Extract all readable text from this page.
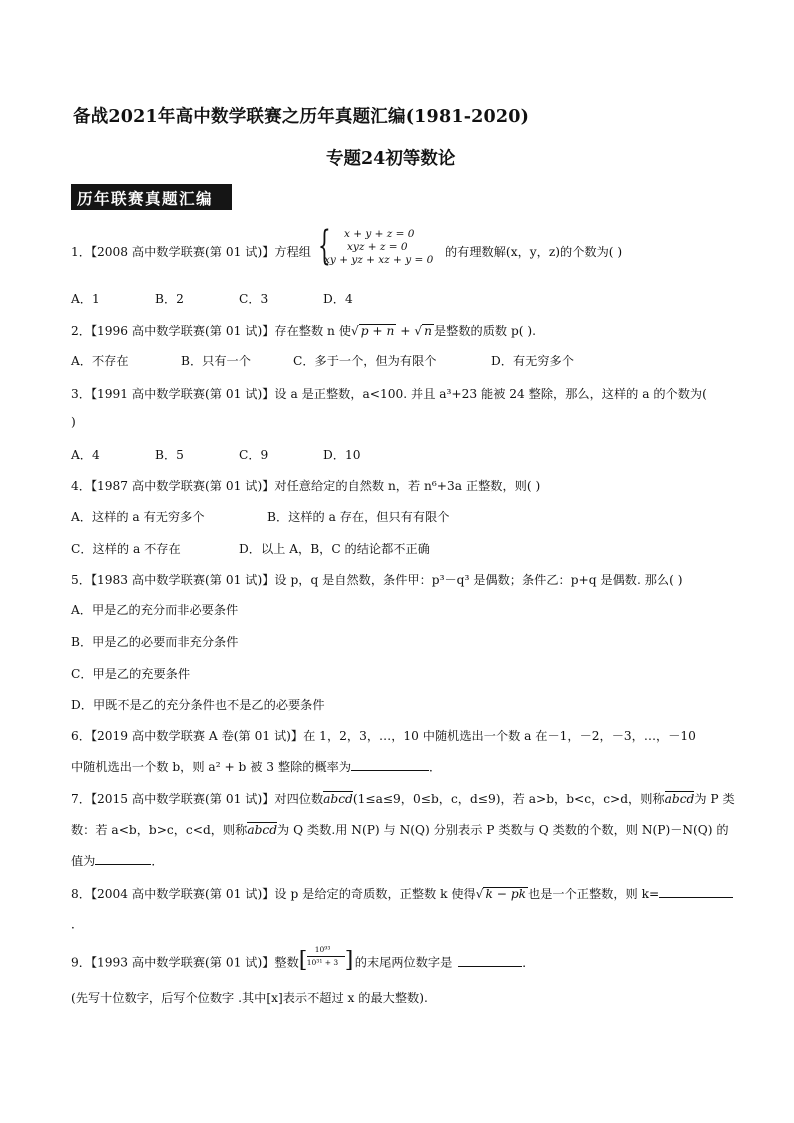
备战2021年高中数学联赛之历年真题汇编(1981-2020)
专题24初等数论
历年联赛真题汇编
1．【2008 高中数学联赛(第 01 试)】方程组 { x + y + z = 0
xyz + z = 0
xy + yz + xz + y = 0
的有理数解(x，y，z)的个数为( )
A．1	B．2	C．3	D．4
2．【1996 高中数学联赛(第 01 试)】存在整数 n 使√ p + n + √ n 是整数的质数 p( ).
A．不存在	B．只有一个	C．多于一个，但为有限个	D．有无穷多个
3．【1991 高中数学联赛(第 01 试)】设 a 是正整数，a<100. 并且 a³+23 能被 24 整除，那么，这样的 a 的个数为(
)
A．4	B．5	C．9	D．10
4．【1987 高中数学联赛(第 01 试)】对任意给定的自然数 n，若 n⁶+3a 正整数，则( )
A．这样的 a 有无穷多个	B．这样的 a 存在，但只有有限个
C．这样的 a 不存在	D．以上 A，B，C 的结论都不正确
5．【1983 高中数学联赛(第 01 试)】设 p，q 是自然数，条件甲：p³－q³ 是偶数；条件乙：p+q 是偶数. 那么( )
A．甲是乙的充分而非必要条件
B．甲是乙的必要而非充分条件
C．甲是乙的充要条件
D．甲既不是乙的充分条件也不是乙的必要条件
6．【2019 高中数学联赛 A 卷(第 01 试)】在 1，2，3，…，10 中随机选出一个数 a 在－1，－2，－3，…，－10
中随机选出一个数 b，则 a² + b 被 3 整除的概率为	．
7．【2015 高中数学联赛(第 01 试)】对四位数abcd(1≤a≤9，0≤b，c，d≤9)，若 a>b，b<c，c>d，则称abcd为 P 类
数：若 a<b，b>c，c<d，则称abcd为 Q 类数.用 N(P) 与 N(Q) 分别表示 P 类数与 Q 类数的个数，则 N(P)－N(Q) 的
值为	．
8．【2004 高中数学联赛(第 01 试)】设 p 是给定的奇质数，正整数 k 使得√ k − pk 也是一个正整数，则 k=
．
9．【1993 高中数学联赛(第 01 试)】整数 [ 10⁹³
10³¹ + 3 ] 的末尾两位数字是	．
(先写十位数字，后写个位数字 .其中[x]表示不超过 x 的最大整数).
